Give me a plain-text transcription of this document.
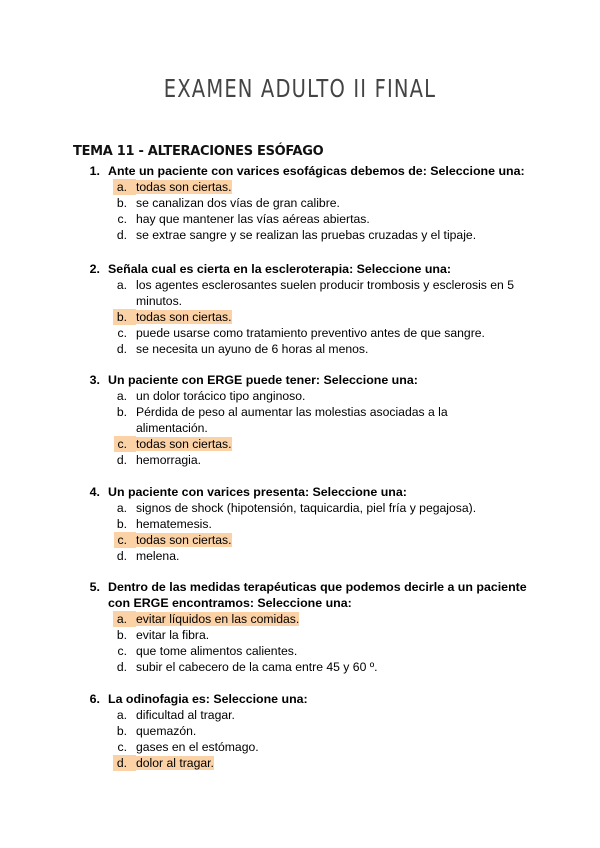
EXAMEN ADULTO II FINAL
TEMA 11 - ALTERACIONES ESÓFAGO
1. Ante un paciente con varices esofágicas debemos de: Seleccione una:
a. todas son ciertas.
b. se canalizan dos vías de gran calibre.
c. hay que mantener las vías aéreas abiertas.
d. se extrae sangre y se realizan las pruebas cruzadas y el tipaje.
2. Señala cual es cierta en la escleroterapia: Seleccione una:
a. los agentes esclerosantes suelen producir trombosis y esclerosis en 5 minutos.
b. todas son ciertas.
c. puede usarse como tratamiento preventivo antes de que sangre.
d. se necesita un ayuno de 6 horas al menos.
3. Un paciente con ERGE puede tener: Seleccione una:
a. un dolor torácico tipo anginoso.
b. Pérdida de peso al aumentar las molestias asociadas a la alimentación.
c. todas son ciertas.
d. hemorragia.
4. Un paciente con varices presenta: Seleccione una:
a. signos de shock (hipotensión, taquicardia, piel fría y pegajosa).
b. hematemesis.
c. todas son ciertas.
d. melena.
5. Dentro de las medidas terapéuticas que podemos decirle a un paciente con ERGE encontramos: Seleccione una:
a. evitar líquidos en las comidas.
b. evitar la fibra.
c. que tome alimentos calientes.
d. subir el cabecero de la cama entre 45 y 60 º.
6. La odinofagia es: Seleccione una:
a. dificultad al tragar.
b. quemazón.
c. gases en el estómago.
d. dolor al tragar.
